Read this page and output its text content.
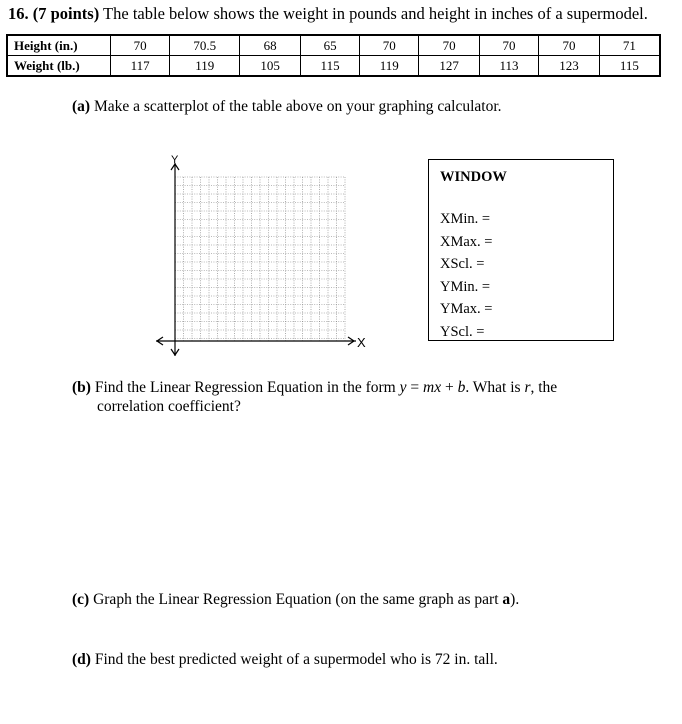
16. (7 points) The table below shows the weight in pounds and height in inches of a supermodel.
Height (in.)	70	70.5	68	65	70	70	70	70	71
Weight (lb.)	117	119	105	115	119	127	113	123	115
(a) Make a scatterplot of the table above on your graphing calculator.
Y
X
WINDOW
XMin. =
XMax. =
XScl. =
YMin. =
YMax. =
YScl. =
(b) Find the Linear Regression Equation in the form y = mx + b. What is r, the
correlation coefficient?
(c) Graph the Linear Regression Equation (on the same graph as part a).
(d) Find the best predicted weight of a supermodel who is 72 in. tall.
